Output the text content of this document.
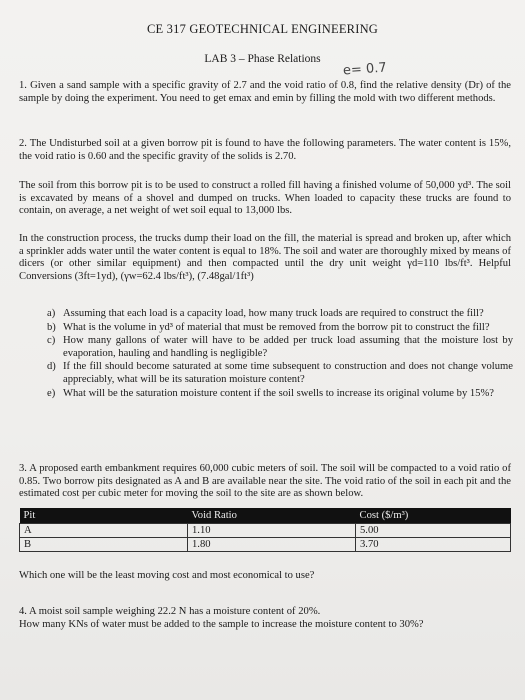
CE 317 GEOTECHNICAL ENGINEERING
LAB 3 – Phase Relations
e= 0.7
1. Given a sand sample with a specific gravity of 2.7 and the void ratio of 0.8, find the relative density (Dr) of the sample by doing the experiment. You need to get emax and emin by filling the mold with two different methods.
2. The Undisturbed soil at a given borrow pit is found to have the following parameters. The water content is 15%, the void ratio is 0.60 and the specific gravity of the solids is 2.70.
The soil from this borrow pit is to be used to construct a rolled fill having a finished volume of 50,000 yd³. The soil is excavated by means of a shovel and dumped on trucks. When loaded to capacity these trucks are found to contain, on average, a net weight of wet soil equal to 13,000 lbs.
In the construction process, the trucks dump their load on the fill, the material is spread and broken up, after which a sprinkler adds water until the water content is equal to 18%. The soil and water are thoroughly mixed by means of dicers (or other similar equipment) and then compacted until the dry unit weight γd=110 lbs/ft³. Helpful Conversions (3ft=1yd), (γw=62.4 lbs/ft³), (7.48gal/1ft³)
a) Assuming that each load is a capacity load, how many truck loads are required to construct the fill?
b) What is the volume in yd³ of material that must be removed from the borrow pit to construct the fill?
c) How many gallons of water will have to be added per truck load assuming that the moisture lost by evaporation, hauling and handling is negligible?
d) If the fill should become saturated at some time subsequent to construction and does not change volume appreciably, what will be its saturation moisture content?
e) What will be the saturation moisture content if the soil swells to increase its original volume by 15%?
3. A proposed earth embankment requires 60,000 cubic meters of soil. The soil will be compacted to a void ratio of 0.85. Two borrow pits designated as A and B are available near the site. The void ratio of the soil in each pit and the estimated cost per cubic meter for moving the soil to the site are as shown below.
Pit	Void Ratio	Cost ($/m³)
A	1.10	5.00
B	1.80	3.70
Which one will be the least moving cost and most economical to use?

4. A moist soil sample weighing 22.2 N has a moisture content of 20%.

How many KNs of water must be added to the sample to increase the moisture content to 30%?
